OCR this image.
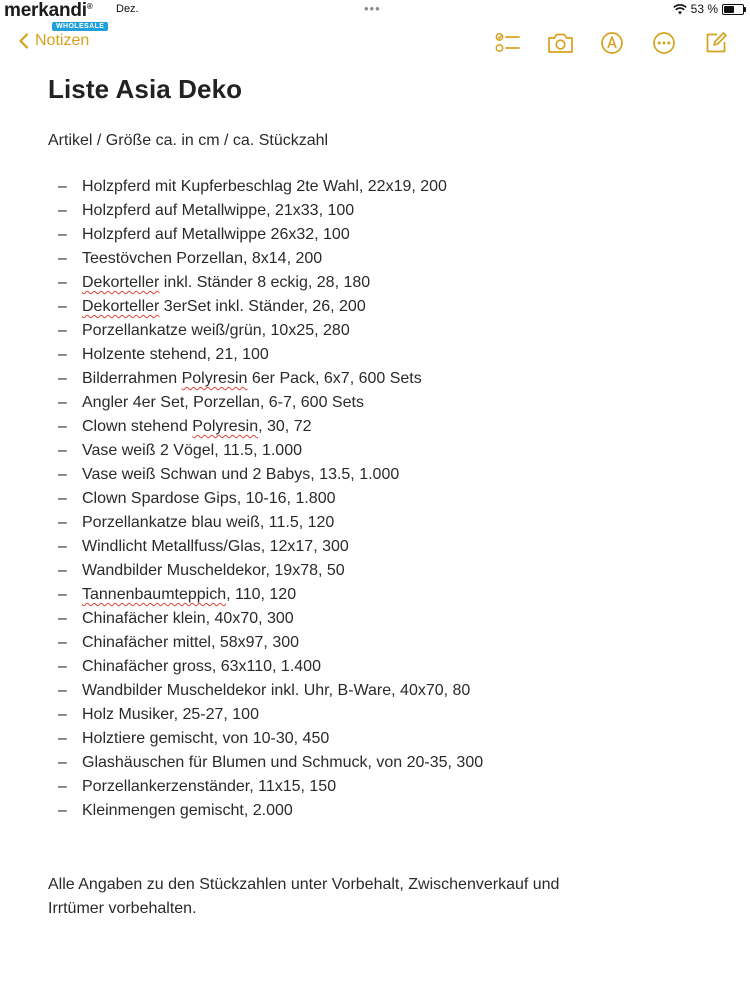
merkandi®
WHOLESALE
Dez.	•••	53 %
Notizen
Liste Asia Deko
Artikel / Größe ca. in cm / ca. Stückzahl
– Holzpferd mit Kupferbeschlag 2te Wahl, 22x19, 200
– Holzpferd auf Metallwippe, 21x33, 100
– Holzpferd auf Metallwippe 26x32, 100
– Teestövchen Porzellan, 8x14, 200
– Dekorteller inkl. Ständer 8 eckig, 28, 180
– Dekorteller 3erSet inkl. Ständer, 26, 200
– Porzellankatze weiß/grün, 10x25, 280
– Holzente stehend, 21, 100
– Bilderrahmen Polyresin 6er Pack, 6x7, 600 Sets
– Angler 4er Set, Porzellan, 6-7, 600 Sets
– Clown stehend Polyresin, 30, 72
– Vase weiß 2 Vögel, 11.5, 1.000
– Vase weiß Schwan und 2 Babys, 13.5, 1.000
– Clown Spardose Gips, 10-16, 1.800
– Porzellankatze blau weiß, 11.5, 120
– Windlicht Metallfuss/Glas, 12x17, 300
– Wandbilder Muscheldekor, 19x78, 50
– Tannenbaumteppich, 110, 120
– Chinafächer klein, 40x70, 300
– Chinafächer mittel, 58x97, 300
– Chinafächer gross, 63x110, 1.400
– Wandbilder Muscheldekor inkl. Uhr, B-Ware, 40x70, 80
– Holz Musiker, 25-27, 100
– Holztiere gemischt, von 10-30, 450
– Glashäuschen für Blumen und Schmuck, von 20-35, 300
– Porzellankerzenständer, 11x15, 150
– Kleinmengen gemischt, 2.000
Alle Angaben zu den Stückzahlen unter Vorbehalt, Zwischenverkauf und Irrtümer vorbehalten.
